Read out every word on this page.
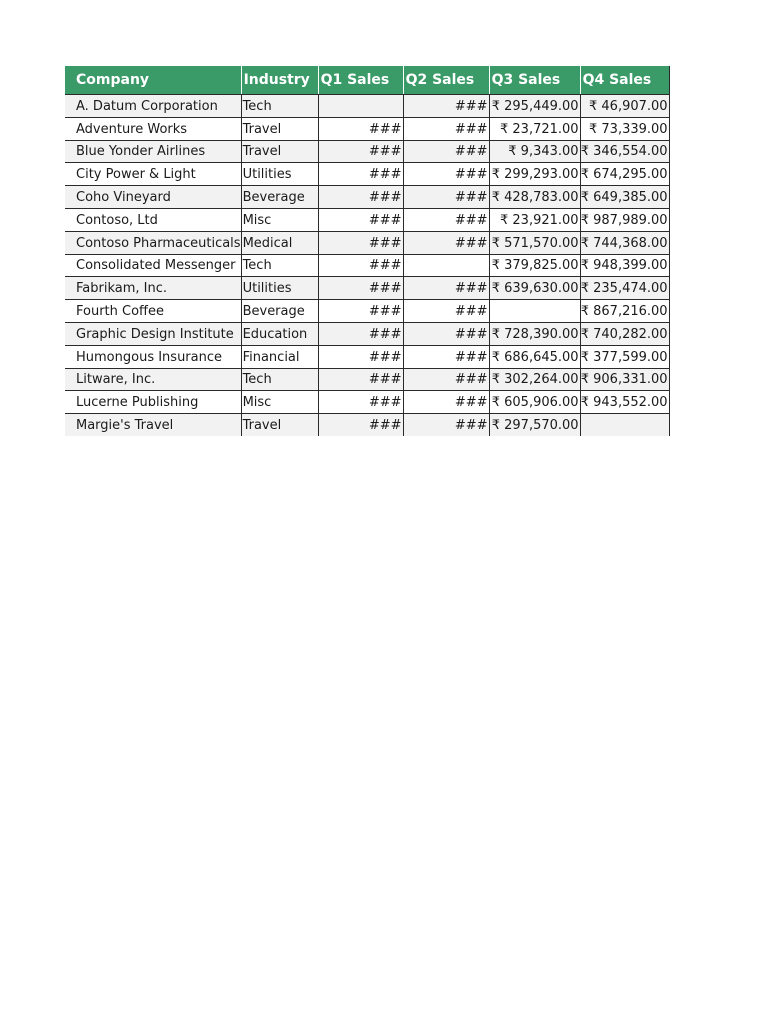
Company	Industry	Q1 Sales	Q2 Sales	Q3 Sales	Q4 Sales
A. Datum Corporation	Tech		###	₹ 295,449.00	₹ 46,907.00
Adventure Works	Travel	###	###	₹ 23,721.00	₹ 73,339.00
Blue Yonder Airlines	Travel	###	###	₹ 9,343.00	₹ 346,554.00
City Power & Light	Utilities	###	###	₹ 299,293.00	₹ 674,295.00
Coho Vineyard	Beverage	###	###	₹ 428,783.00	₹ 649,385.00
Contoso, Ltd	Misc	###	###	₹ 23,921.00	₹ 987,989.00
Contoso Pharmaceuticals	Medical	###	###	₹ 571,570.00	₹ 744,368.00
Consolidated Messenger	Tech	###		₹ 379,825.00	₹ 948,399.00
Fabrikam, Inc.	Utilities	###	###	₹ 639,630.00	₹ 235,474.00
Fourth Coffee	Beverage	###	###		₹ 867,216.00
Graphic Design Institute	Education	###	###	₹ 728,390.00	₹ 740,282.00
Humongous Insurance	Financial	###	###	₹ 686,645.00	₹ 377,599.00
Litware, Inc.	Tech	###	###	₹ 302,264.00	₹ 906,331.00
Lucerne Publishing	Misc	###	###	₹ 605,906.00	₹ 943,552.00
Margie's Travel	Travel	###	###	₹ 297,570.00	
